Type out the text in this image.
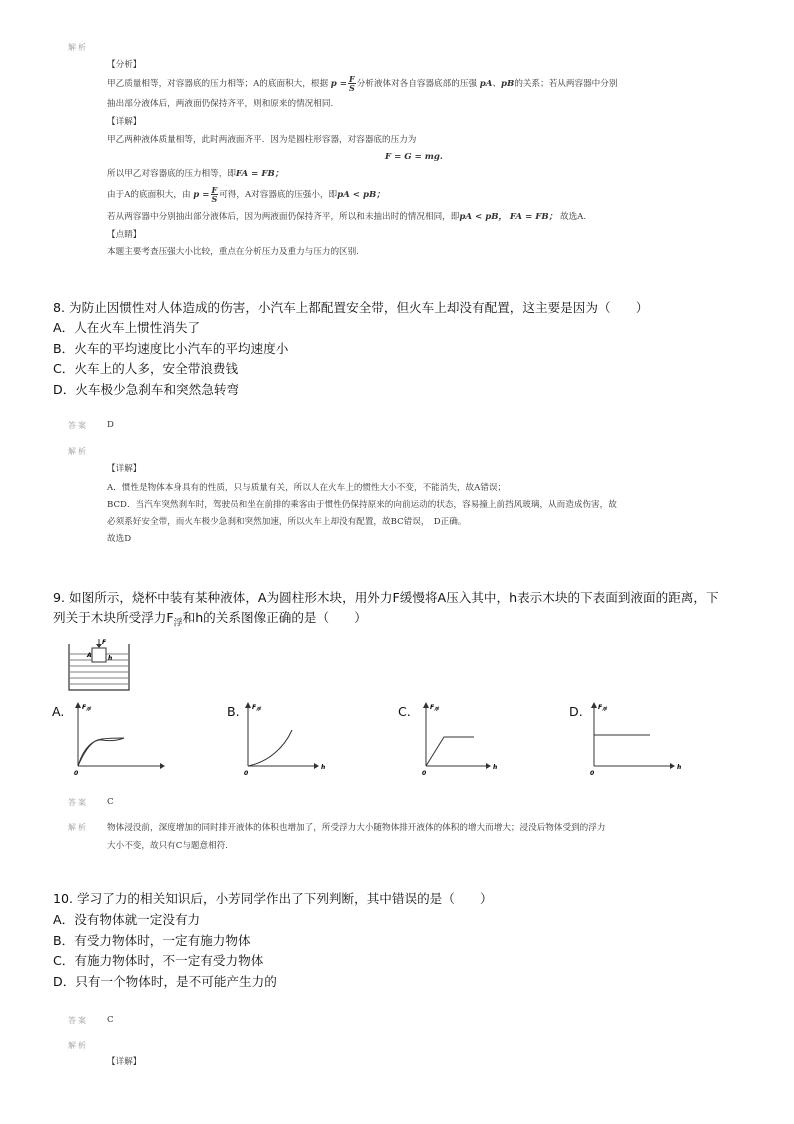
解析
【分析】
甲乙质量相等，对容器底的压力相等；A的底面积大，根据 $p = \frac{F}{S}$ 分析液体对各自容器底部的压强 pA、pB的关系；若从两容器中分别
抽出部分液体后，两液面仍保持齐平，则和原来的情况相同.
【详解】
甲乙两种液体质量相等，此时两液面齐平．因为是圆柱形容器，对容器底的压力为
F = G = mg.
所以甲乙对容器底的压力相等，即FA = FB；
由于A的底面积大，由 $p = \frac{F}{S}$ 可得，A对容器底的压强小，即pA < pB；
若从两容器中分别抽出部分液体后，因为两液面仍保持齐平，所以和未抽出时的情况相同，即pA < pB， FA = FB； 故选A.
【点睛】
本题主要考查压强大小比较，重点在分析压力及重力与压力的区别.
8. 为防止因惯性对人体造成的伤害，小汽车上都配置安全带，但火车上却没有配置，这主要是因为（　　）
A．人在火车上惯性消失了
B．火车的平均速度比小汽车的平均速度小
C．火车上的人多，安全带浪费钱
D．火车极少急刹车和突然急转弯
答案 D
解析
【详解】
A．惯性是物体本身具有的性质，只与质量有关，所以人在火车上的惯性大小不变，不能消失，故A错误；
BCD．当汽车突然刹车时，驾驶员和坐在前排的乘客由于惯性仍保持原来的向前运动的状态，容易撞上前挡风玻璃，从而造成伤害，故
必须系好安全带，而火车极少急刹和突然加速，所以火车上却没有配置，故BC错误，　D正确。
故选D
9. 如图所示，烧杯中装有某种液体，A为圆柱形木块，用外力F缓慢将A压入其中，h表示木块的下表面到液面的距离，下
列关于木块所受浮力$F_浮$和h的关系图像正确的是（　　）
F
A	h
A.	B.	C.	D.
$F_浮$
0
$F_浮$
h
0
$F_浮$
h
0
$F_浮$
h
0
答案 C
解析 物体浸没前，深度增加的同时排开液体的体积也增加了，所受浮力大小随物体排开液体的体积的增大而增大；浸没后物体受到的浮力
大小不变，故只有C与题意相符.
10. 学习了力的相关知识后，小芳同学作出了下列判断，其中错误的是（　　）
A．没有物体就一定没有力
B．有受力物体时，一定有施力物体
C．有施力物体时，不一定有受力物体
D．只有一个物体时，是不可能产生力的
答案 C
解析
【详解】
